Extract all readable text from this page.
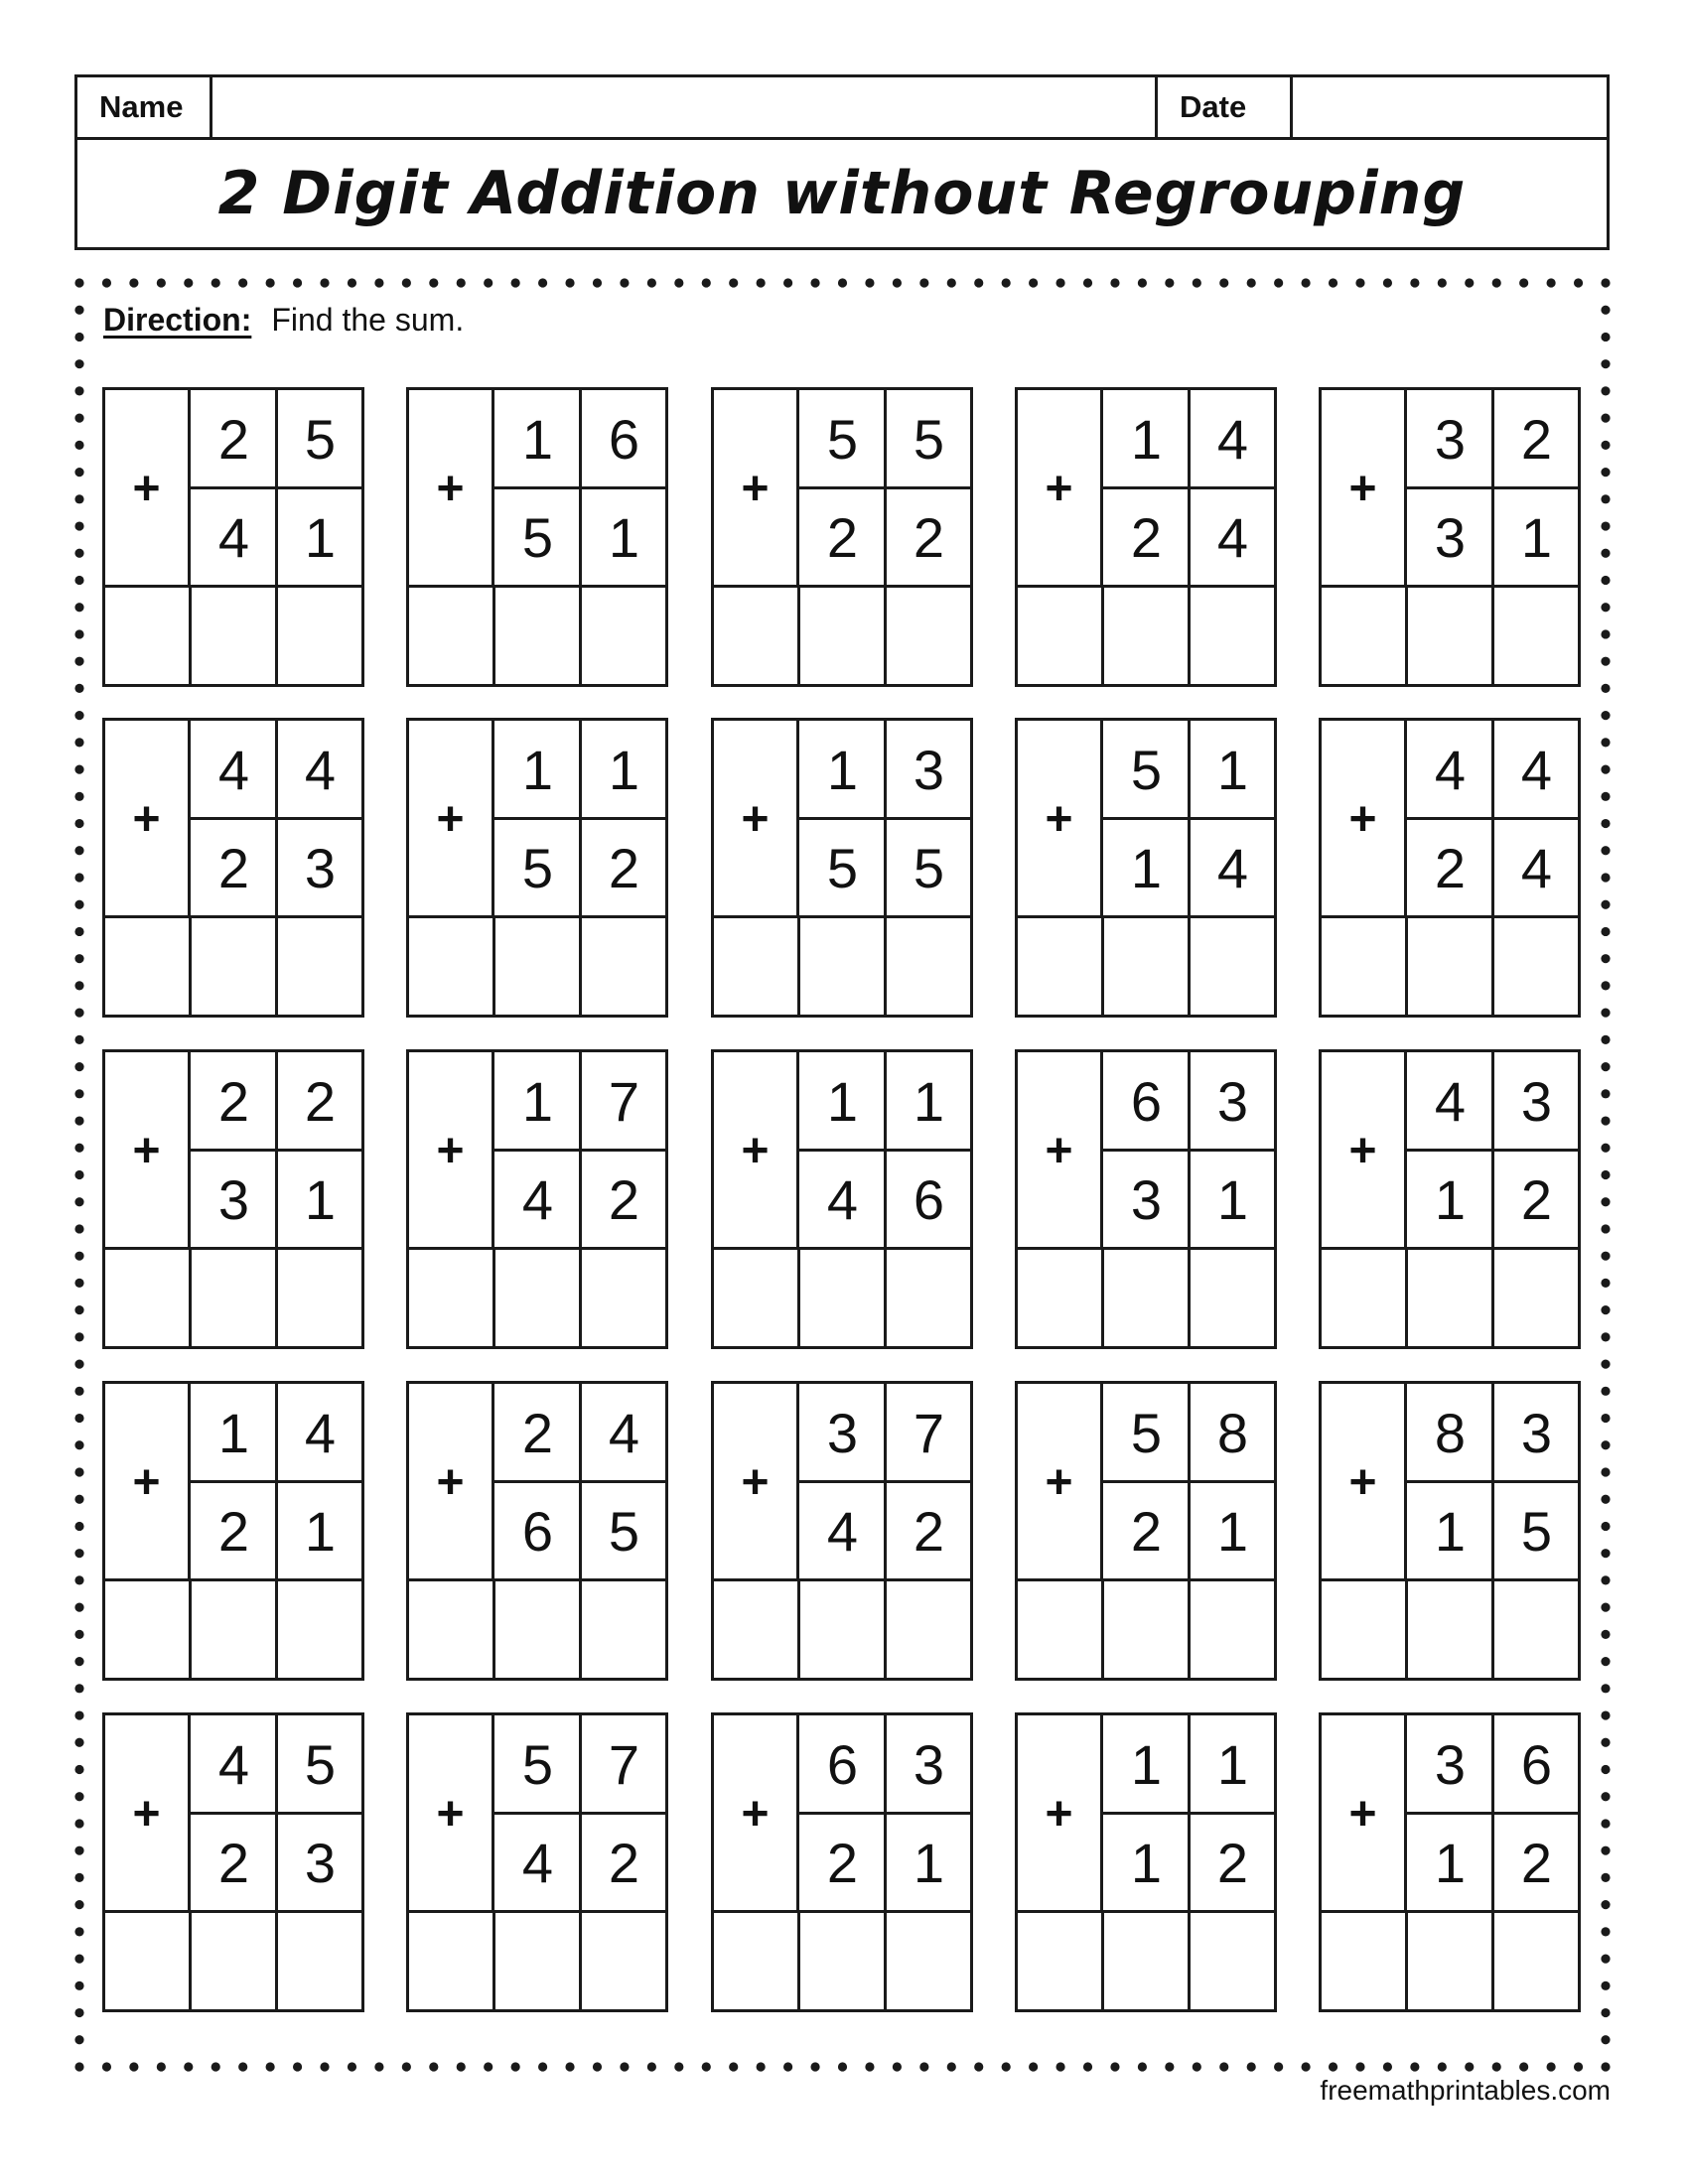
Name	Date
2 Digit Addition without Regrouping
Direction: Find the sum.
+
2 5
4 1
+
1 6
5 1
+
5 5
2 2
+
1 4
2 4
+
3 2
3 1
+
4 4
2 3
+
1 1
5 2
+
1 3
5 5
+
5 1
1 4
+
4 4
2 4
+
2 2
3 1
+
1 7
4 2
+
1 1
4 6
+
6 3
3 1
+
4 3
1 2
+
1 4
2 1
+
2 4
6 5
+
3 7
4 2
+
5 8
2 1
+
8 3
1 5
+
4 5
2 3
+
5 7
4 2
+
6 3
2 1
+
1 1
1 2
+
3 6
1 2
freemathprintables.com
